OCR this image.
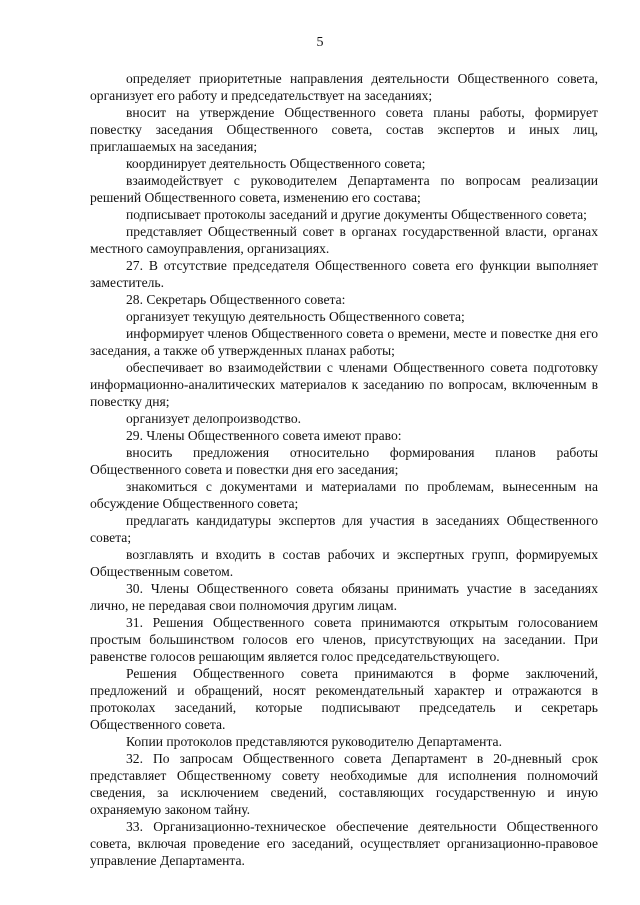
5

определяет приоритетные направления деятельности Общественного совета, организует его работу и председательствует на заседаниях;

вносит на утверждение Общественного совета планы работы, формирует повестку заседания Общественного совета, состав экспертов и иных лиц, приглашаемых на заседания;

координирует деятельность Общественного совета;

взаимодействует с руководителем Департамента по вопросам реализации решений Общественного совета, изменению его состава;

подписывает протоколы заседаний и другие документы Общественного совета;

представляет Общественный совет в органах государственной власти, органах местного самоуправления, организациях.

27. В отсутствие председателя Общественного совета его функции выполняет заместитель.

28. Секретарь Общественного совета:

организует текущую деятельность Общественного совета;

информирует членов Общественного совета о времени, месте и повестке дня его заседания, а также об утвержденных планах работы;

обеспечивает во взаимодействии с членами Общественного совета подготовку информационно-аналитических материалов к заседанию по вопросам, включенным в повестку дня;

организует делопроизводство.

29. Члены Общественного совета имеют право:

вносить предложения относительно формирования планов работы Общественного совета и повестки дня его заседания;

знакомиться с документами и материалами по проблемам, вынесенным на обсуждение Общественного совета;

предлагать кандидатуры экспертов для участия в заседаниях Общественного совета;

возглавлять и входить в состав рабочих и экспертных групп, формируемых Общественным советом.

30. Члены Общественного совета обязаны принимать участие в заседаниях лично, не передавая свои полномочия другим лицам.

31. Решения Общественного совета принимаются открытым голосованием простым большинством голосов его членов, присутствующих на заседании. При равенстве голосов решающим является голос председательствующего.

Решения Общественного совета принимаются в форме заключений, предложений и обращений, носят рекомендательный характер и отражаются в протоколах заседаний, которые подписывают председатель и секретарь Общественного совета.

Копии протоколов представляются руководителю Департамента.

32. По запросам Общественного совета Департамент в 20-дневный срок представляет Общественному совету необходимые для исполнения полномочий сведения, за исключением сведений, составляющих государственную и иную охраняемую законом тайну.

33. Организационно-техническое обеспечение деятельности Общественного совета, включая проведение его заседаний, осуществляет организационно-правовое управление Департамента.
